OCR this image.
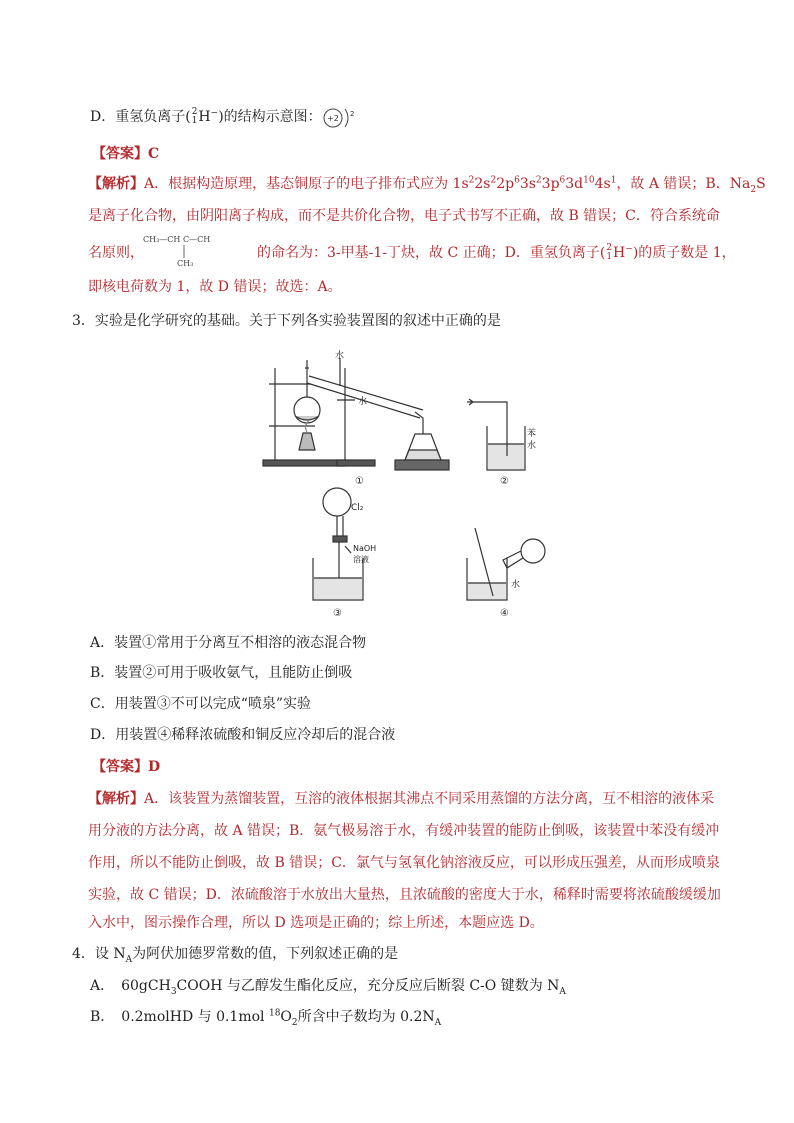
D．重氢负离子(2
1H−)的结构示意图： +2 2
【答案】C
【解析】A．根据构造原理，基态铜原子的电子排布式应为 $1s^22s^22p^63s^23p^63d^{10}4s^1$，故 A 错误；B．$Na_2S$
是离子化合物，由阴阳离子构成，而不是共价化合物，电子式书写不正确，故 B 错误；C．符合系统命
名原则，	的命名为：3-甲基-1-丁炔，故 C 正确；D．重氢负离子(2
1H−)的质子数是 1，
CH₃—CH C—CH
CH₃
即核电荷数为 1，故 D 错误；故选：A。
3．实验是化学研究的基础。关于下列各实验装置图的叙述中正确的是
水
水
①
苯
水
②
Cl₂
NaOH
溶液
③
水
④
A．装置①常用于分离互不相溶的液态混合物
B．装置②可用于吸收氨气，且能防止倒吸
C．用装置③不可以完成“喷泉”实验
D．用装置④稀释浓硫酸和铜反应冷却后的混合液
【答案】D
【解析】A．该装置为蒸馏装置，互溶的液体根据其沸点不同采用蒸馏的方法分离，互不相溶的液体采
用分液的方法分离，故 A 错误；B．氨气极易溶于水，有缓冲装置的能防止倒吸，该装置中苯没有缓冲
作用，所以不能防止倒吸，故 B 错误；C．氯气与氢氧化钠溶液反应，可以形成压强差，从而形成喷泉
实验，故 C 错误；D．浓硫酸溶于水放出大量热，且浓硫酸的密度大于水，稀释时需要将浓硫酸缓缓加
入水中，图示操作合理，所以 D 选项是正确的；综上所述，本题应选 D。
4．设 $N_A$为阿伏加德罗常数的值，下列叙述正确的是
A．　60gCH$_3$COOH 与乙醇发生酯化反应，充分反应后断裂 C-O 键数为 $N_A$
B．　0.2molHD 与 0.1mol $^{18}O_2$所含中子数均为 $0.2N_A$
